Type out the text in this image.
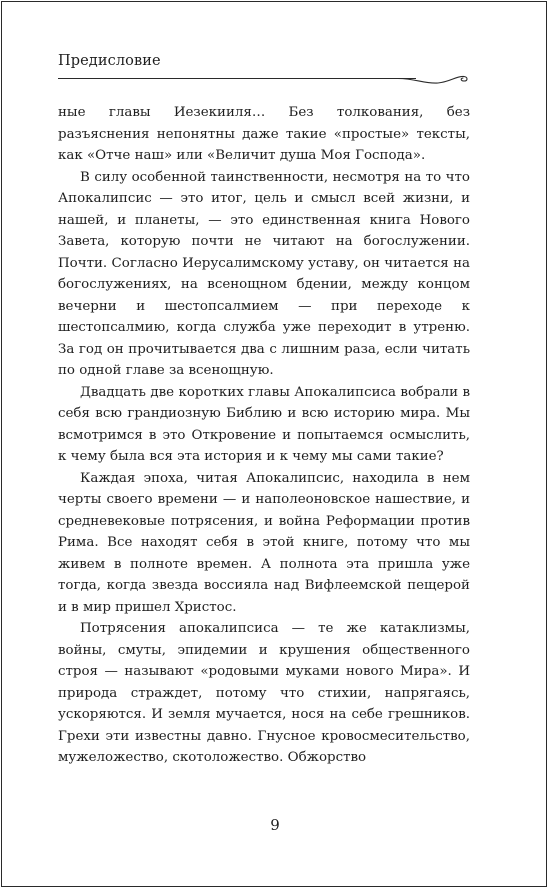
Предисловие

ные главы Иезекииля… Без толкования, без разъяснения непонятны даже такие «простые» тексты, как «Отче наш» или «Величит душа Моя Господа».

В силу особенной таинственности, несмотря на то что Апокалипсис — это итог, цель и смысл всей жизни, и нашей, и планеты, — это единственная книга Нового Завета, которую почти не читают на богослужении. Почти. Согласно Иерусалимскому уставу, он читается на богослужениях, на всенощном бдении, между концом вечерни и шестопсалмием — при переходе к шестопсалмию, когда служба уже переходит в утреню. За год он прочитывается два с лишним раза, если читать по одной главе за всенощную.

Двадцать две коротких главы Апокалипсиса вобрали в себя всю грандиозную Библию и всю историю мира. Мы всмотримся в это Откровение и попытаемся осмыслить, к чему была вся эта история и к чему мы сами такие?

Каждая эпоха, читая Апокалипсис, находила в нем черты своего времени — и наполеоновское нашествие, и средневековые потрясения, и война Реформации против Рима. Все находят себя в этой книге, потому что мы живем в полноте времен. А полнота эта пришла уже тогда, когда звезда воссияла над Вифлеемской пещерой и в мир пришел Христос.

Потрясения апокалипсиса — те же катаклизмы, войны, смуты, эпидемии и крушения общественного строя — называют «родовыми муками нового Мира». И природа страждет, потому что стихии, напрягаясь, ускоряются. И земля мучается, нося на себе грешников. Грехи эти известны давно. Гнусное кровосмесительство, мужеложество, скотоложество. Обжорство

9
